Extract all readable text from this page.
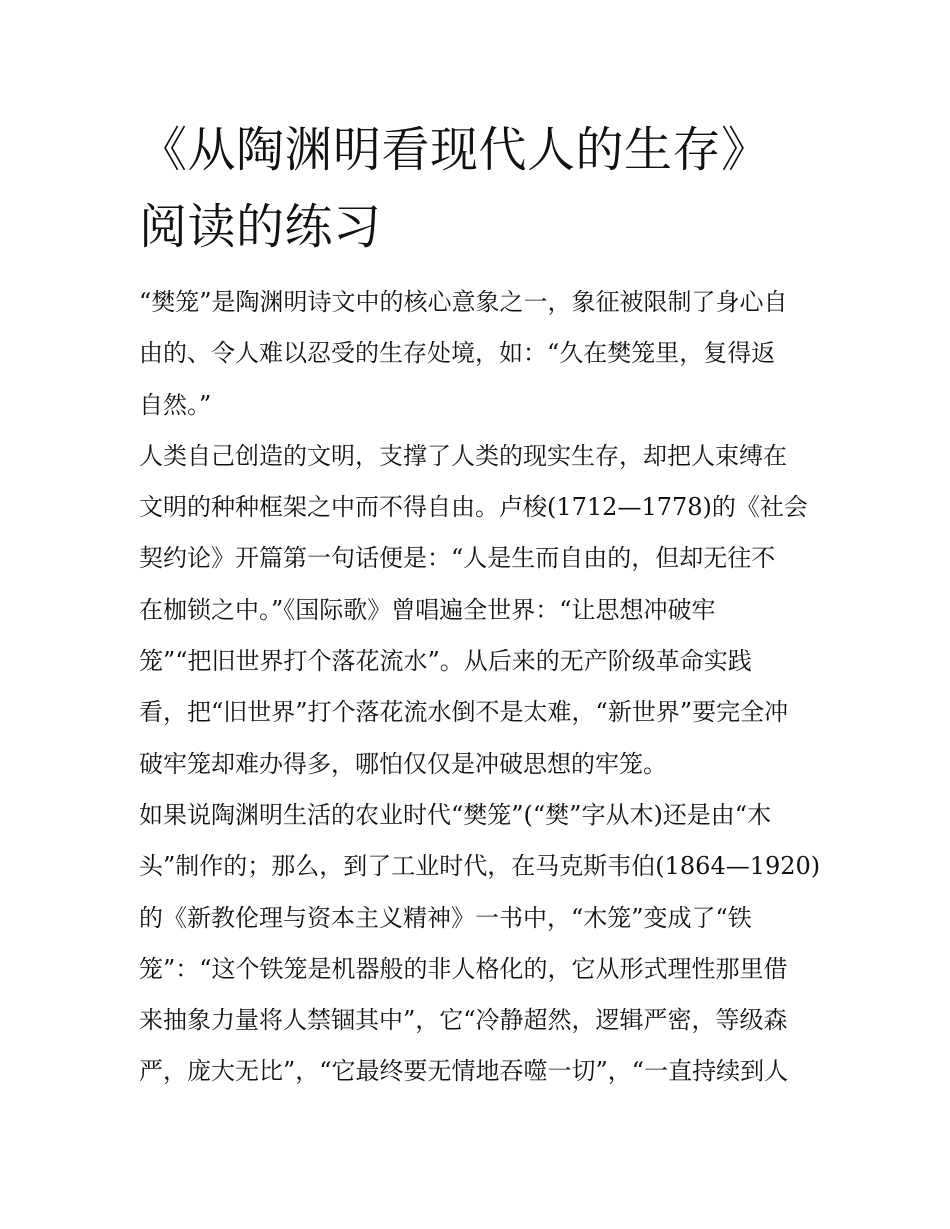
《从陶渊明看现代人的生存》
阅读的练习

“樊笼”是陶渊明诗文中的核心意象之一，象征被限制了身心自
由的、令人难以忍受的生存处境，如：“久在樊笼里，复得返
自然。”

人类自己创造的文明，支撑了人类的现实生存，却把人束缚在
文明的种种框架之中而不得自由。卢梭(1712—1778)的《社会
契约论》开篇第一句话便是：“人是生而自由的，但却无往不
在枷锁之中。”《国际歌》曾唱遍全世界：“让思想冲破牢
笼”“把旧世界打个落花流水”。从后来的无产阶级革命实践
看，把“旧世界”打个落花流水倒不是太难，“新世界”要完全冲
破牢笼却难办得多，哪怕仅仅是冲破思想的牢笼。

如果说陶渊明生活的农业时代“樊笼”(“樊”字从木)还是由“木
头”制作的；那么，到了工业时代，在马克斯韦伯(1864—1920)
的《新教伦理与资本主义精神》一书中，“木笼”变成了“铁
笼”：“这个铁笼是机器般的非人格化的，它从形式理性那里借
来抽象力量将人禁锢其中”，它“冷静超然，逻辑严密，等级森
严，庞大无比”，“它最终要无情地吞噬一切”，“一直持续到人
